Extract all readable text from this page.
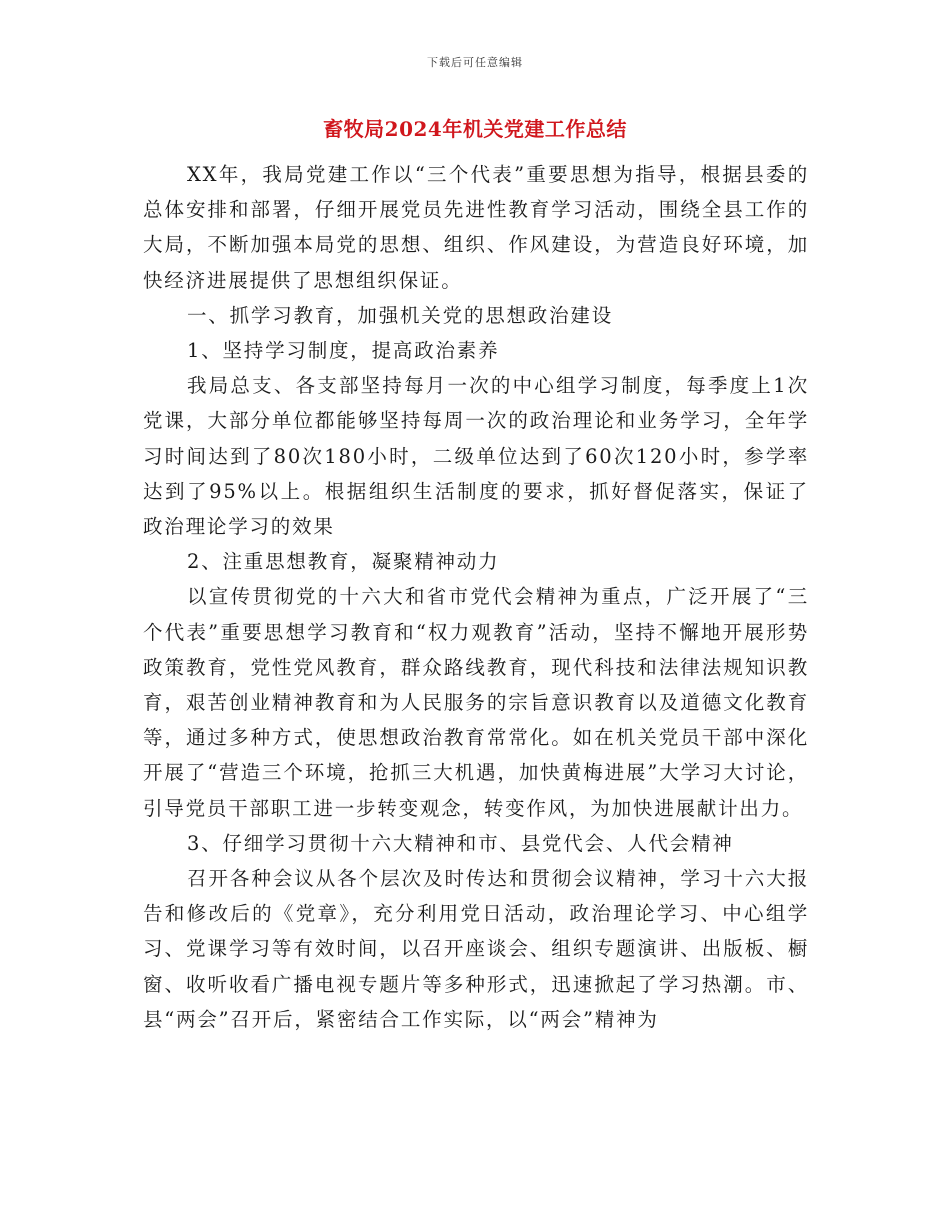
下载后可任意编辑
畜牧局2024年机关党建工作总结

XX年，我局党建工作以“三个代表”重要思想为指导，根据县委的总体安排和部署，仔细开展党员先进性教育学习活动，围绕全县工作的大局，不断加强本局党的思想、组织、作风建设，为营造良好环境，加快经济进展提供了思想组织保证。

一、抓学习教育，加强机关党的思想政治建设

1、坚持学习制度，提高政治素养

我局总支、各支部坚持每月一次的中心组学习制度，每季度上1次党课，大部分单位都能够坚持每周一次的政治理论和业务学习，全年学习时间达到了80次180小时，二级单位达到了60次120小时，参学率达到了95%以上。根据组织生活制度的要求，抓好督促落实，保证了政治理论学习的效果

2、注重思想教育，凝聚精神动力

以宣传贯彻党的十六大和省市党代会精神为重点，广泛开展了“三个代表”重要思想学习教育和“权力观教育”活动，坚持不懈地开展形势政策教育，党性党风教育，群众路线教育，现代科技和法律法规知识教育，艰苦创业精神教育和为人民服务的宗旨意识教育以及道德文化教育等，通过多种方式，使思想政治教育常常化。如在机关党员干部中深化开展了“营造三个环境，抢抓三大机遇，加快黄梅进展”大学习大讨论，引导党员干部职工进一步转变观念，转变作风，为加快进展献计出力。

3、仔细学习贯彻十六大精神和市、县党代会、人代会精神

召开各种会议从各个层次及时传达和贯彻会议精神，学习十六大报告和修改后的《党章》，充分利用党日活动，政治理论学习、中心组学习、党课学习等有效时间，以召开座谈会、组织专题演讲、出版板、橱窗、收听收看广播电视专题片等多种形式，迅速掀起了学习热潮。市、县“两会”召开后，紧密结合工作实际，以“两会”精神为
